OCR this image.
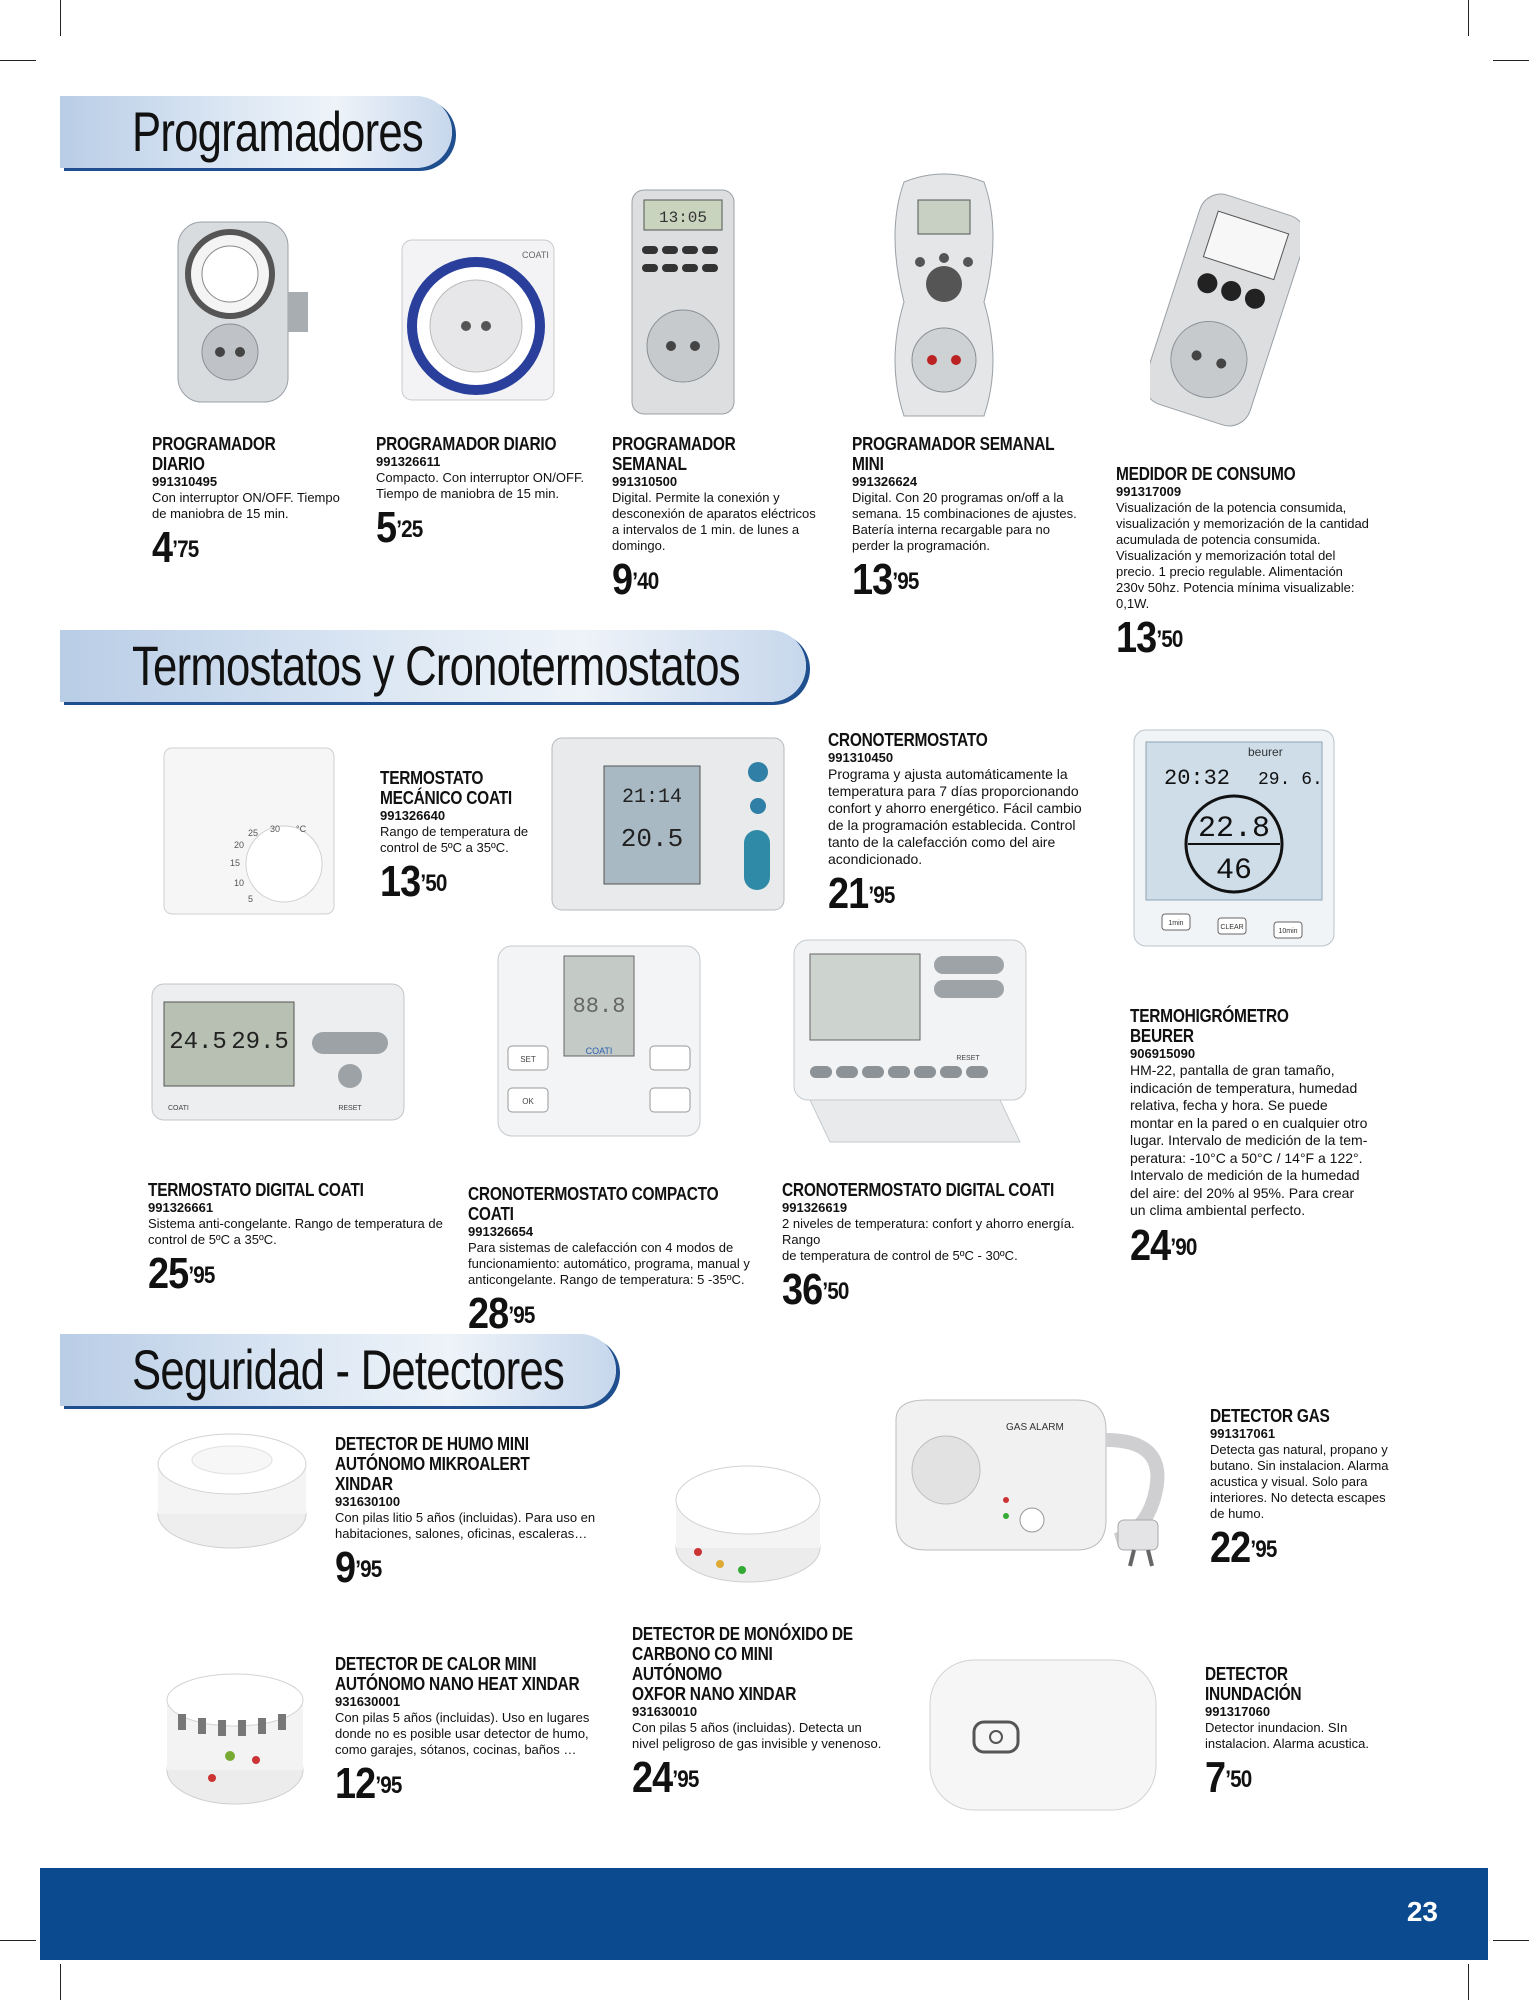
Programadores
Termostatos y Cronotermostatos
Seguridad - Detectores
COATI
13:05
PROGRAMADOR DIARIO
991310495
Con interruptor ON/OFF. Tiempo
de maniobra de 15 min.
$4^{’75}$
PROGRAMADOR DIARIO
991326611
Compacto. Con interruptor ON/OFF.
Tiempo de maniobra de 15 min.
$5^{’25}$
PROGRAMADOR SEMANAL
991310500
Digital. Permite la conexión y
desconexión de aparatos eléctricos
a intervalos de 1 min. de lunes a
domingo.
$9^{’40}$
PROGRAMADOR SEMANAL
MINI
991326624
Digital. Con 20 programas on/off a la
semana. 15 combinaciones de ajustes.
Batería interna recargable para no
perder la programación.
$13^{’95}$
MEDIDOR DE CONSUMO
991317009
Visualización de la potencia consumida,
visualización y memorización de la cantidad
acumulada de potencia consumida.
Visualización y memorización total del
precio. 1 precio regulable. Alimentación
230v 50hz. Potencia mínima visualizable:
0,1W.
$13^{’50}$
25 30 °C
20
15
10
5
21:14
20.5
beurer
20:32 29. 6.
22.8
46
1min
CLEAR
10min
24.5 29.5
RESET
COATI
88.8
SET
OK
COATI
RESET
TERMOSTATO
MECÁNICO COATI
991326640
Rango de temperatura de
control de 5ºC a 35ºC.
$13^{’50}$
CRONOTERMOSTATO
991310450
Programa y ajusta automáticamente la
temperatura para 7 días proporcionando
confort y ahorro energético. Fácil cambio
de la programación establecida. Control
tanto de la calefacción como del aire
acondicionado.
$21^{’95}$
TERMOHIGRÓMETRO
BEURER
906915090
HM-22, pantalla de gran tamaño,
indicación de temperatura, humedad
relativa, fecha y hora. Se puede
montar en la pared o en cualquier otro
lugar. Intervalo de medición de la tem-
peratura: -10°C a 50°C / 14°F a 122°.
Intervalo de medición de la humedad
del aire: del 20% al 95%. Para crear
un clima ambiental perfecto.
$24^{’90}$
TERMOSTATO DIGITAL COATI
991326661
Sistema anti-congelante. Rango de temperatura de
control de 5ºC a 35ºC.
$25^{’95}$
CRONOTERMOSTATO COMPACTO COATI
991326654
Para sistemas de calefacción con 4 modos de
funcionamiento: automático, programa, manual y
anticongelante. Rango de temperatura: 5 -35ºC.
$28^{’95}$
CRONOTERMOSTATO DIGITAL COATI
991326619
2 niveles de temperatura: confort y ahorro energía. Rango
de temperatura de control de 5ºC - 30ºC.
$36^{’50}$
GAS ALARM
DETECTOR DE HUMO MINI
AUTÓNOMO MIKROALERT XINDAR
931630100
Con pilas litio 5 años (incluidas). Para uso en
habitaciones, salones, oficinas, escaleras…
$9^{’95}$
DETECTOR GAS
991317061
Detecta gas natural, propano y
butano. Sin instalacion. Alarma
acustica y visual. Solo para
interiores. No detecta escapes
de humo.
$22^{’95}$
DETECTOR DE CALOR MINI
AUTÓNOMO NANO HEAT XINDAR
931630001
Con pilas 5 años (incluidas). Uso en lugares
donde no es posible usar detector de humo,
como garajes, sótanos, cocinas, baños …
$12^{’95}$
DETECTOR DE MONÓXIDO DE
CARBONO CO MINI AUTÓNOMO
OXFOR NANO XINDAR
931630010
Con pilas 5 años (incluidas). Detecta un
nivel peligroso de gas invisible y venenoso.
$24^{’95}$
DETECTOR INUNDACIÓN
991317060
Detector inundacion. SIn
instalacion. Alarma acustica.
$7^{’50}$
23
